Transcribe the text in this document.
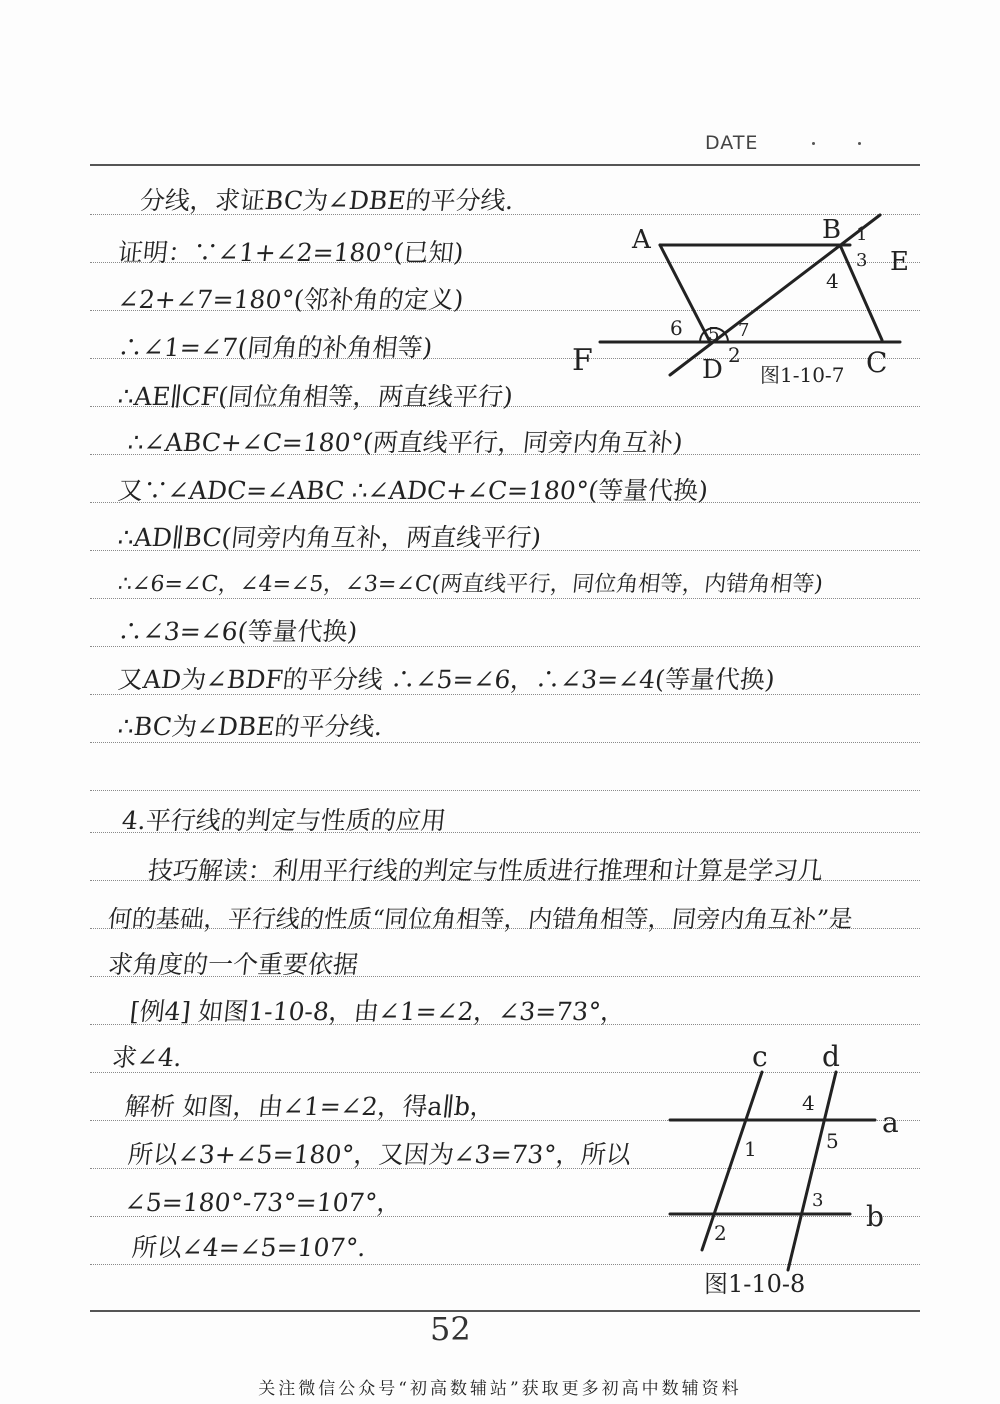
DATE
分线，求证BC为∠DBE的平分线.
证明：∵∠1+∠2=180°(已知)
∠2+∠7=180°(邻补角的定义)
∴∠1=∠7(同角的补角相等)
∴AE∥CF(同位角相等，两直线平行)
∴∠ABC+∠C=180°(两直线平行，同旁内角互补)
又∵∠ADC=∠ABC ∴∠ADC+∠C=180°(等量代换)
∴AD∥BC(同旁内角互补，两直线平行)
∴∠6=∠C，∠4=∠5，∠3=∠C(两直线平行，同位角相等，内错角相等)
∴∠3=∠6(等量代换)
又AD为∠BDF的平分线 ∴∠5=∠6，∴∠3=∠4(等量代换)
∴BC为∠DBE的平分线.
A	B
E
F	D	C
1
3
4
5
6	7
2
图1-10-7
4.平行线的判定与性质的应用
技巧解读：利用平行线的判定与性质进行推理和计算是学习几
何的基础，平行线的性质“同位角相等，内错角相等，同旁内角互补”是
求角度的一个重要依据
[例4] 如图1-10-8，由∠1=∠2，∠3=73°，
求∠4.
解析 如图，由∠1=∠2，得a∥b，
所以∠3+∠5=180°，又因为∠3=73°，所以
∠5=180°-73°=107°，
所以∠4=∠5=107°.
c d
4
a
1	5
3 b
2
图1-10-8
52
关注微信公众号“初高数辅站”获取更多初高中数辅资料
